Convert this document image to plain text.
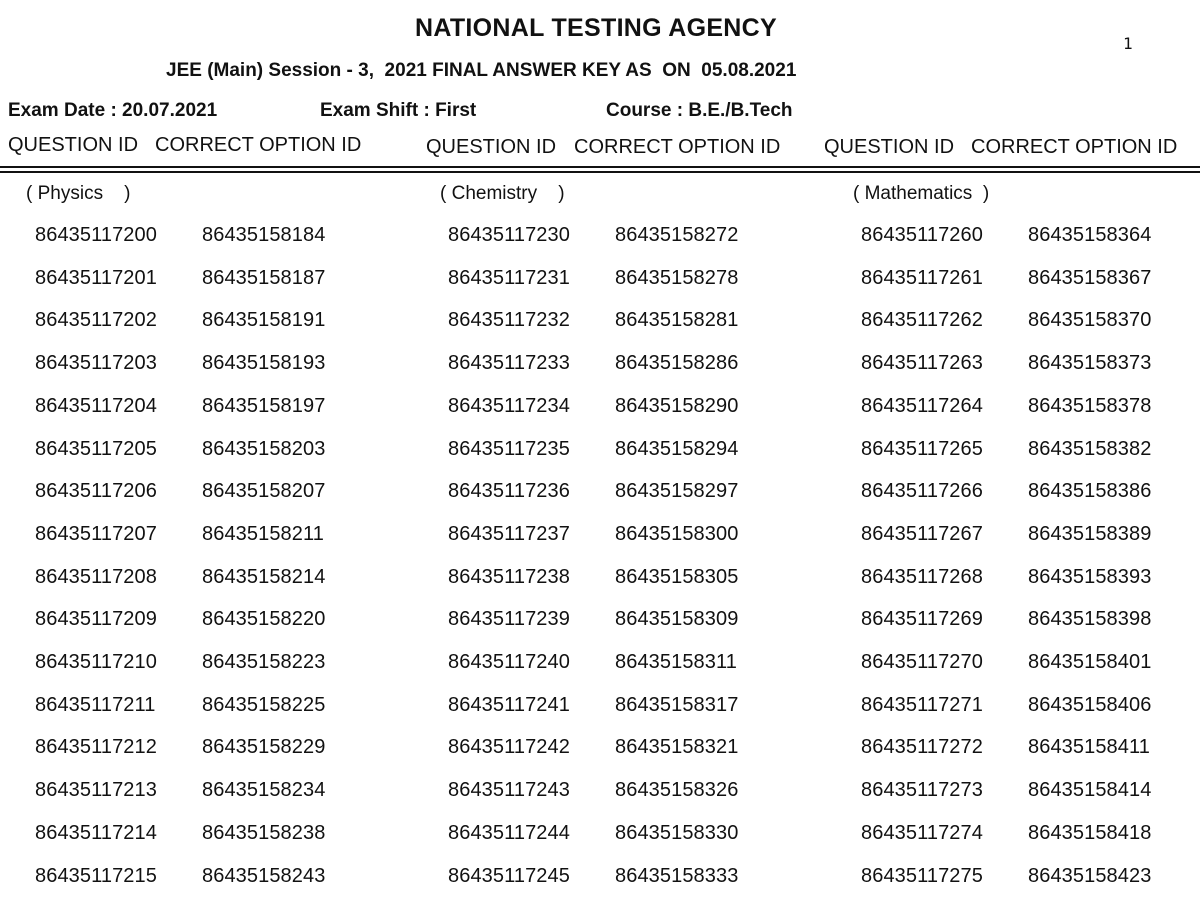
NATIONAL TESTING AGENCY
1
JEE (Main) Session - 3,  2021 FINAL ANSWER KEY AS  ON  05.08.2021
Exam Date : 20.07.2021	Exam Shift : First	Course : B.E./B.Tech
QUESTION ID CORRECT OPTION ID	QUESTION ID CORRECT OPTION ID QUESTION ID CORRECT OPTION ID
( Physics    )	( Chemistry    )	( Mathematics  )
86435117200 86435158184	86435117230 86435158272	86435117260 86435158364
86435117201 86435158187	86435117231 86435158278	86435117261 86435158367
86435117202 86435158191	86435117232 86435158281	86435117262 86435158370
86435117203 86435158193	86435117233 86435158286	86435117263 86435158373
86435117204 86435158197	86435117234 86435158290	86435117264 86435158378
86435117205 86435158203	86435117235 86435158294	86435117265 86435158382
86435117206 86435158207	86435117236 86435158297	86435117266 86435158386
86435117207 86435158211	86435117237 86435158300	86435117267 86435158389
86435117208 86435158214	86435117238 86435158305	86435117268 86435158393
86435117209 86435158220	86435117239 86435158309	86435117269 86435158398
86435117210 86435158223	86435117240 86435158311	86435117270 86435158401
86435117211 86435158225	86435117241 86435158317	86435117271 86435158406
86435117212 86435158229	86435117242 86435158321	86435117272 86435158411
86435117213 86435158234	86435117243 86435158326	86435117273 86435158414
86435117214 86435158238	86435117244 86435158330	86435117274 86435158418
86435117215 86435158243	86435117245 86435158333	86435117275 86435158423
